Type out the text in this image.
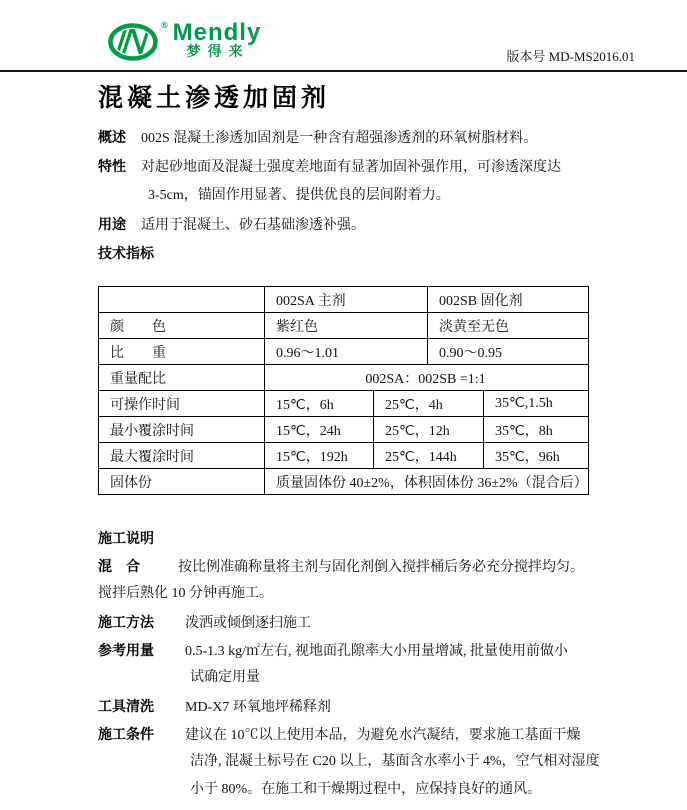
® Mendly
梦得来	版本号 MD-MS2016.01
混凝土渗透加固剂
概述 002S 混凝土渗透加固剂是一种含有超强渗透剂的环氧树脂材料。
特性 对起砂地面及混凝土强度差地面有显著加固补强作用，可渗透深度达
3-5cm，锚固作用显著、提供优良的层间附着力。
用途 适用于混凝土、砂石基础渗透补强。
技术指标
	002SA 主剂		002SB 固化剂	
颜　　色	紫红色		淡黄至无色	
比　　重	0.96～1.01		0.90～0.95	
重量配比	002SA：002SB =1:1			
可操作时间	15℃，6h	25℃，4h		35℃,1.5h
最小覆涂时间	15℃，24h	25℃，12h		35℃，8h
最大覆涂时间	15℃，192h	25℃，144h		35℃，96h
固体份	质量固体份 40±2%，体积固体份 36±2%（混合后）			
施工说明
混　合	按比例准确称量将主剂与固化剂倒入搅拌桶后务必充分搅拌均匀。
搅拌后熟化 10 分钟再施工。
施工方法 泼洒或倾倒逐扫施工
参考用量 0.5-1.3 kg/㎡左右, 视地面孔隙率大小用量增减, 批量使用前做小
试确定用量
工具清洗 MD-X7 环氧地坪稀释剂
施工条件 建议在 10℃以上使用本品，为避免水汽凝结，要求施工基面干燥
洁净, 混凝土标号在 C20 以上，基面含水率小于 4%，空气相对湿度
小于 80%。在施工和干燥期过程中，应保持良好的通风。
